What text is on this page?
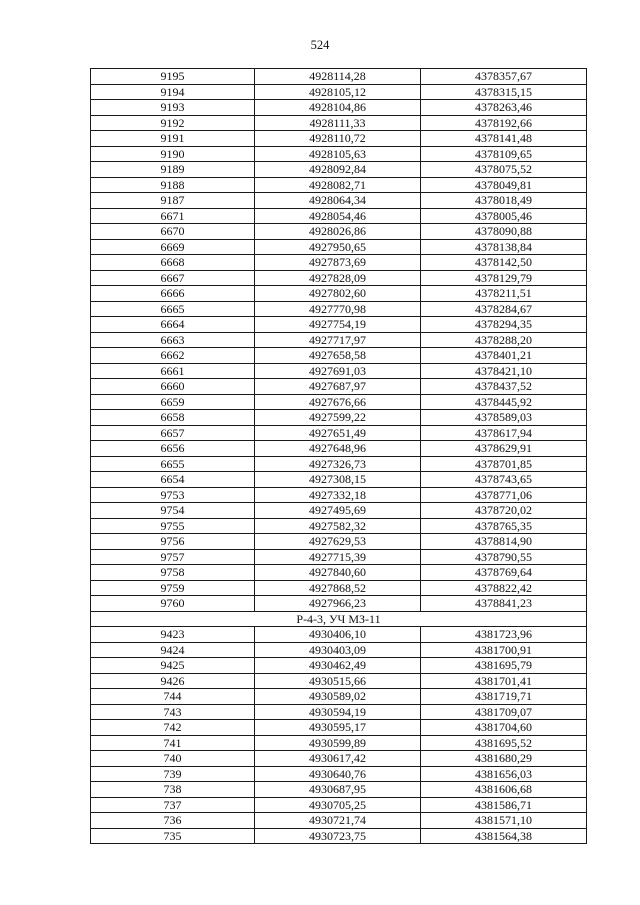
524
9195	4928114,28	4378357,67
9194	4928105,12	4378315,15
9193	4928104,86	4378263,46
9192	4928111,33	4378192,66
9191	4928110,72	4378141,48
9190	4928105,63	4378109,65
9189	4928092,84	4378075,52
9188	4928082,71	4378049,81
9187	4928064,34	4378018,49
6671	4928054,46	4378005,46
6670	4928026,86	4378090,88
6669	4927950,65	4378138,84
6668	4927873,69	4378142,50
6667	4927828,09	4378129,79
6666	4927802,60	4378211,51
6665	4927770,98	4378284,67
6664	4927754,19	4378294,35
6663	4927717,97	4378288,20
6662	4927658,58	4378401,21
6661	4927691,03	4378421,10
6660	4927687,97	4378437,52
6659	4927676,66	4378445,92
6658	4927599,22	4378589,03
6657	4927651,49	4378617,94
6656	4927648,96	4378629,91
6655	4927326,73	4378701,85
6654	4927308,15	4378743,65
9753	4927332,18	4378771,06
9754	4927495,69	4378720,02
9755	4927582,32	4378765,35
9756	4927629,53	4378814,90
9757	4927715,39	4378790,55
9758	4927840,60	4378769,64
9759	4927868,52	4378822,42
9760	4927966,23	4378841,23
Р-4-3, УЧ МЗ-11		
9423	4930406,10	4381723,96
9424	4930403,09	4381700,91
9425	4930462,49	4381695,79
9426	4930515,66	4381701,41
744	4930589,02	4381719,71
743	4930594,19	4381709,07
742	4930595,17	4381704,60
741	4930599,89	4381695,52
740	4930617,42	4381680,29
739	4930640,76	4381656,03
738	4930687,95	4381606,68
737	4930705,25	4381586,71
736	4930721,74	4381571,10
735	4930723,75	4381564,38
